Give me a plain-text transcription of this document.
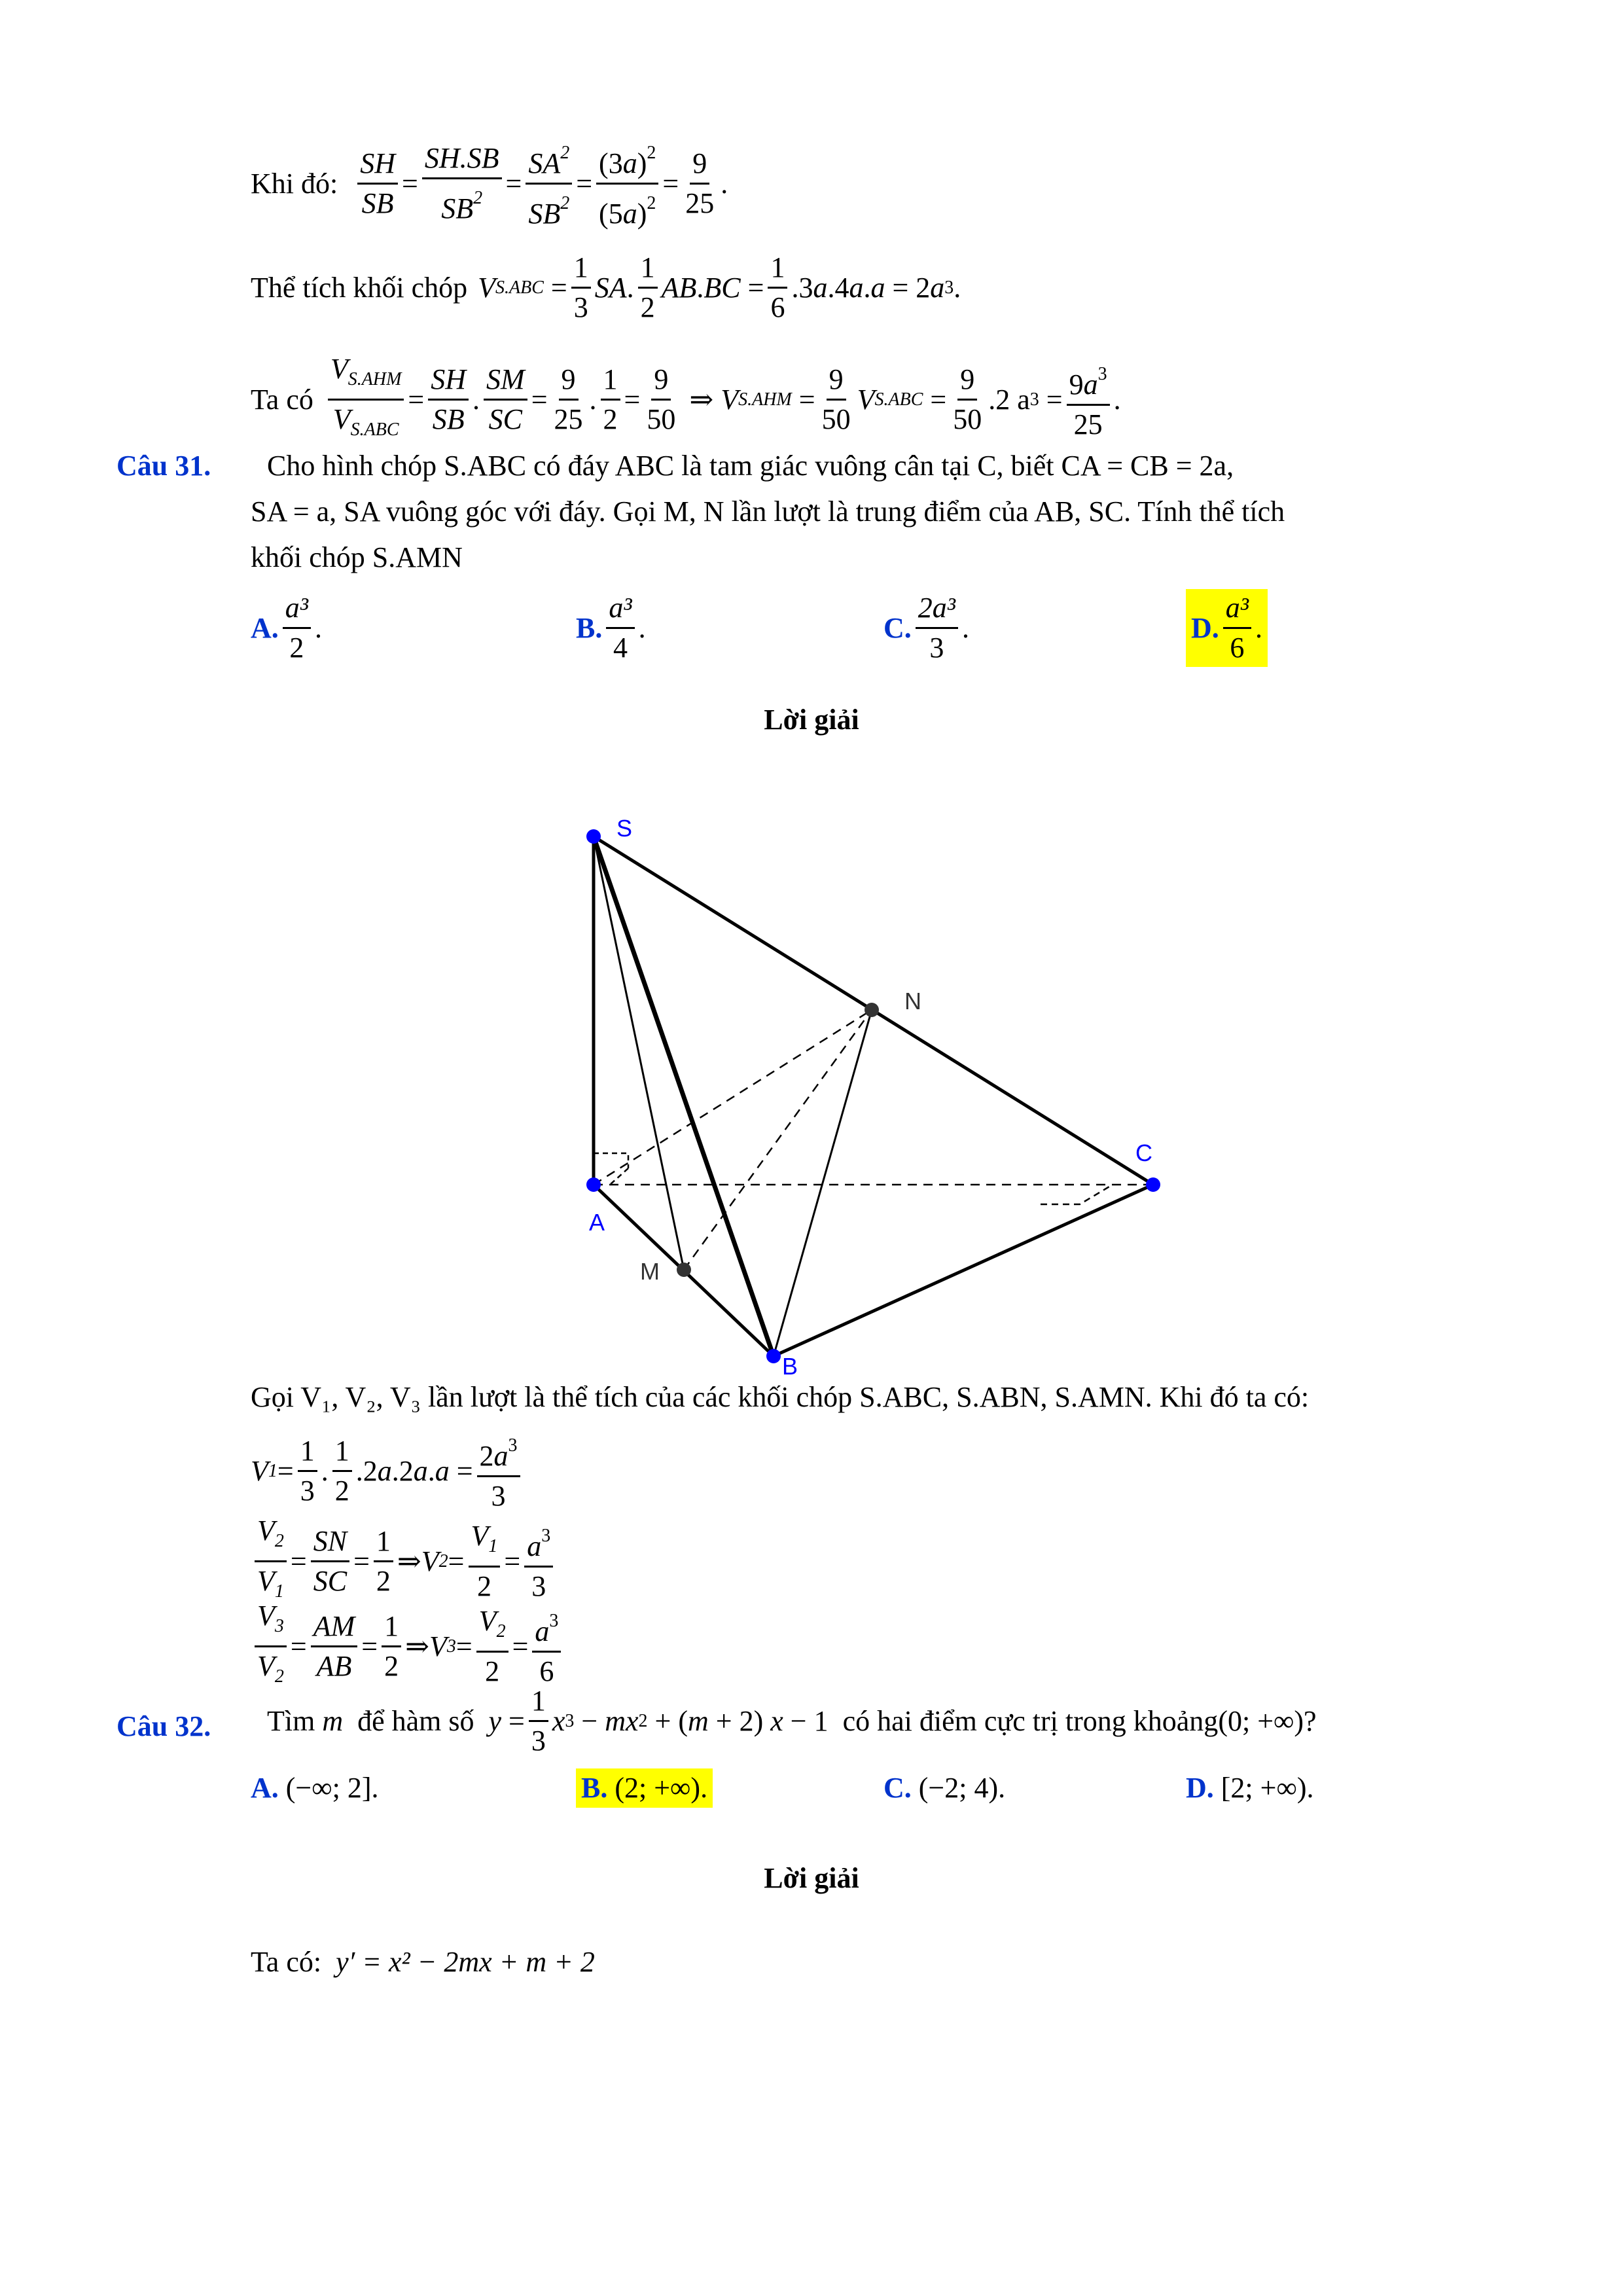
Khi đó: $\frac{SH}{SB} = \frac{SH.SB}{SB^2} = \frac{SA^2}{SB^2} = \frac{(3a)^2}{(5a)^2} = \frac{9}{25}$ .
Thể tích khối chóp V $S.ABC = \frac{1}{3}$ SA . $\frac{1}{2}$ AB . BC = $\frac{1}{6} .3$ a .4 a . a = 2 a 3 .
Ta có $\frac{V_{S.AHM}}{V_{S.ABC}} = \frac{SH}{SB}$ . $\frac{SM}{SC} = \frac{9}{25}$ . $\frac{1}{2} = \frac{9}{50}$ ⇒ V $S.AHM = \frac{9}{50}$ V $S.ABC = \frac{9}{50} .2$ a $3 = \frac{9a^3}{25}$ .
Câu 31. Cho hình chóp S.ABC có đáy ABC là tam giác vuông cân tại C, biết CA = CB = 2a,
SA = a, SA vuông góc với đáy. Gọi M, N lần lượt là trung điểm của AB, SC. Tính thể tích
khối chóp S.AMN
A. $\frac{\text{a³}}{2}$ .	B. $\frac{\text{a³}}{4}$ .	C. $\frac{\text{2a³}}{3}$ .	D. $\frac{\text{a³}}{6}$ .
Lời giải
S
N
C
A
M
B
Gọi V₁, V₂, V₃ lần lượt là thể tích của các khối chóp S.ABC, S.ABN, S.AMN. Khi đó ta có:
V $1 = \frac{1}{3}$ . $\frac{1}{2} .2$ a .2 a . $a = \frac{2a^3}{3}$
$\frac{V_2}{V_1} = \frac{SN}{SC} = \frac{1}{2}$ ⇒ V $2 = \frac{V_1}{2} = \frac{a^3}{3}$
$\frac{V_3}{V_2} = \frac{AM}{AB} = \frac{1}{2}$ ⇒ V $3 = \frac{V_2}{2} = \frac{a^3}{6}$
Câu 32. Tìm
m
để hàm số
$y = \frac{1}{3}$ x 3 − mx 2 + ( m + 2) x − 1 có hai điểm cực trị trong khoảng (0; +∞)?
A.
(−∞; 2].	B.
(2; +∞).	C.
(−2; 4).	D.
[2; +∞).
Lời giải
Ta có:
y′ = x² − 2mx + m + 2
